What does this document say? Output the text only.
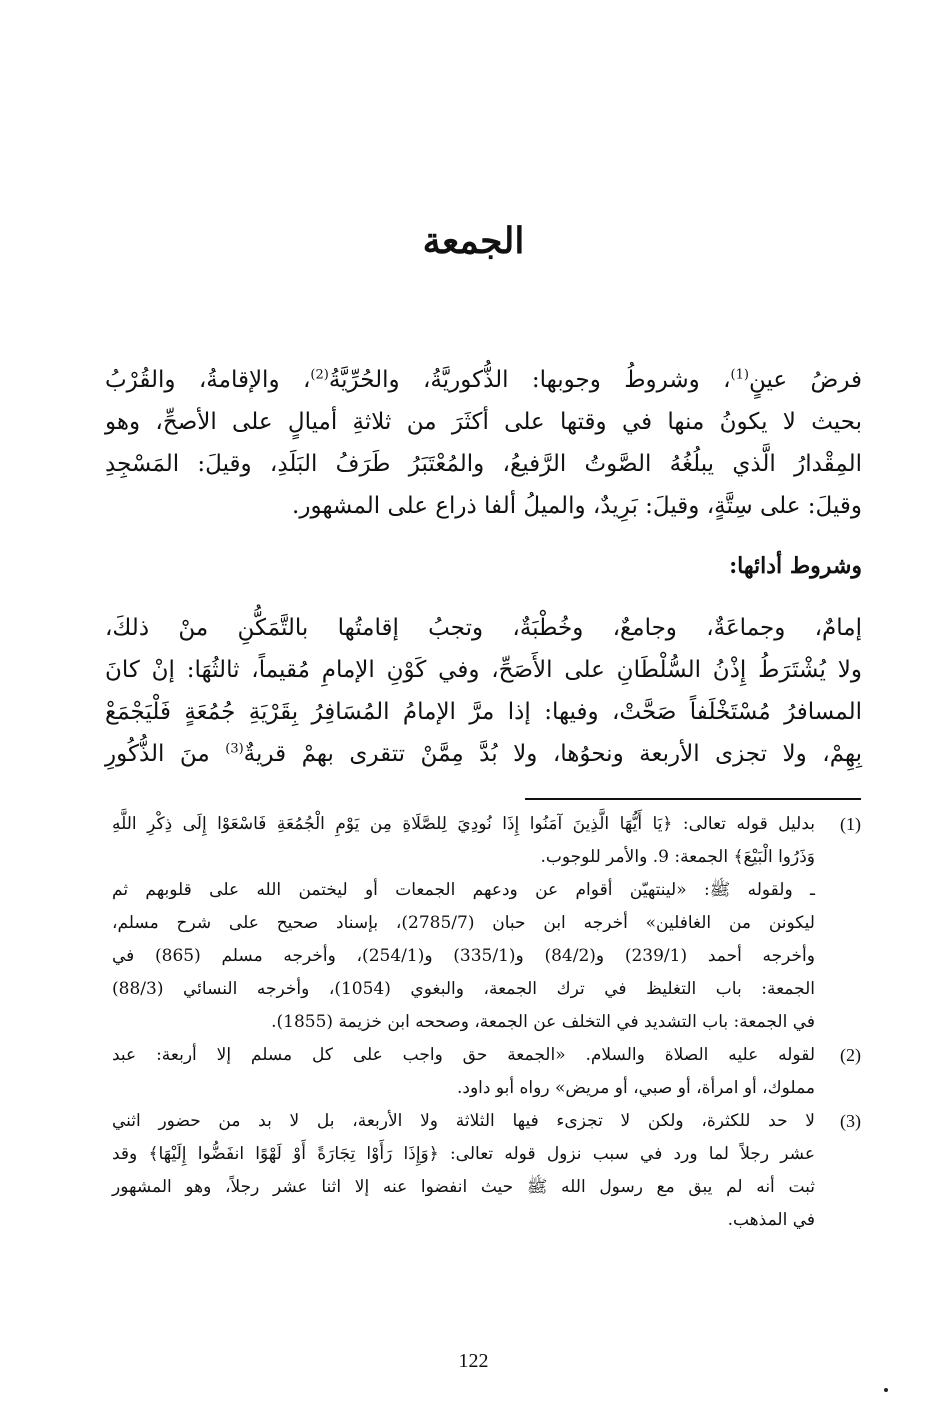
الجمعة
فرضُ عينٍ$^{(1)}$، وشروطُ وجوبها: الذُّكوريَّةُ، والحُرِّيَّةُ$^{(2)}$، والإقامةُ، والقُرْبُ
بحيث لا يكونُ منها في وقتها على أكثَرَ من ثلاثةِ أميالٍ على الأصحِّ، وهو
المِقْدارُ الَّذي يبلُغُهُ الصَّوتُ الرَّفيعُ، والمُعْتَبَرُ طَرَفُ البَلَدِ، وقيلَ: المَسْجِدِ
وقيلَ: على سِتَّةٍ، وقيلَ: بَرِيدٌ، والميلُ ألفا ذراع على المشهور.
وشروط أدائها:
إمامٌ، وجماعَةٌ، وجامعٌ، وخُطْبَةٌ، وتجبُ إقامتُها بالتَّمَكُّنِ منْ ذلكَ،
ولا يُشْتَرَطُ إِذْنُ السُّلْطَانِ على الأَصَحِّ، وفي كَوْنِ الإمامِ مُقيماً، ثالثُهَا: إنْ كانَ
المسافرُ مُسْتَخْلَفاً صَحَّتْ، وفيها: إذا مرَّ الإمامُ المُسَافِرُ بِقَرْيَةِ جُمُعَةٍ فَلْيَجْمَعْ
بِهِمْ، ولا تجزى الأربعة ونحوُها، ولا بُدَّ مِمَّنْ تتقرى بهمْ قريةٌ$^{(3)}$ منَ الذُّكُورِ
(1)
بدليل قوله تعالى: ﴿يَا أَيُّهَا الَّذِينَ آمَنُوا إِذَا نُودِيَ لِلصَّلَاةِ مِن يَوْمِ الْجُمُعَةِ فَاسْعَوْا إِلَى ذِكْرِ اللَّهِ
وَذَرُوا الْبَيْعَ﴾ الجمعة: 9. والأمر للوجوب.
ـ ولقوله ﷺ: «لينتهيّن أقوام عن ودعهم الجمعات أو ليختمن الله على قلوبهم ثم
ليكونن من الغافلين» أخرجه ابن حبان (2785/7)، بإسناد صحيح على شرح مسلم،
وأخرجه أحمد (239/1) و(84/2) و(335/1) و(254/1)، وأخرجه مسلم (865) في
الجمعة: باب التغليظ في ترك الجمعة، والبغوي (1054)، وأخرجه النسائي (88/3)
في الجمعة: باب التشديد في التخلف عن الجمعة، وصححه ابن خزيمة (1855).
(2)
لقوله عليه الصلاة والسلام. «الجمعة حق واجب على كل مسلم إلا أربعة: عبد
مملوك، أو امرأة، أو صبي، أو مريض» رواه أبو داود.
(3)
لا حد للكثرة، ولكن لا تجزىء فيها الثلاثة ولا الأربعة، بل لا بد من حضور اثني
عشر رجلاً لما ورد في سبب نزول قوله تعالى: ﴿وَإِذَا رَأَوْا تِجَارَةً أَوْ لَهْوًا انفَضُّوا إِلَيْهَا﴾ وقد
ثبت أنه لم يبق مع رسول الله ﷺ حيث انفضوا عنه إلا اثنا عشر رجلاً، وهو المشهور
في المذهب.
122
